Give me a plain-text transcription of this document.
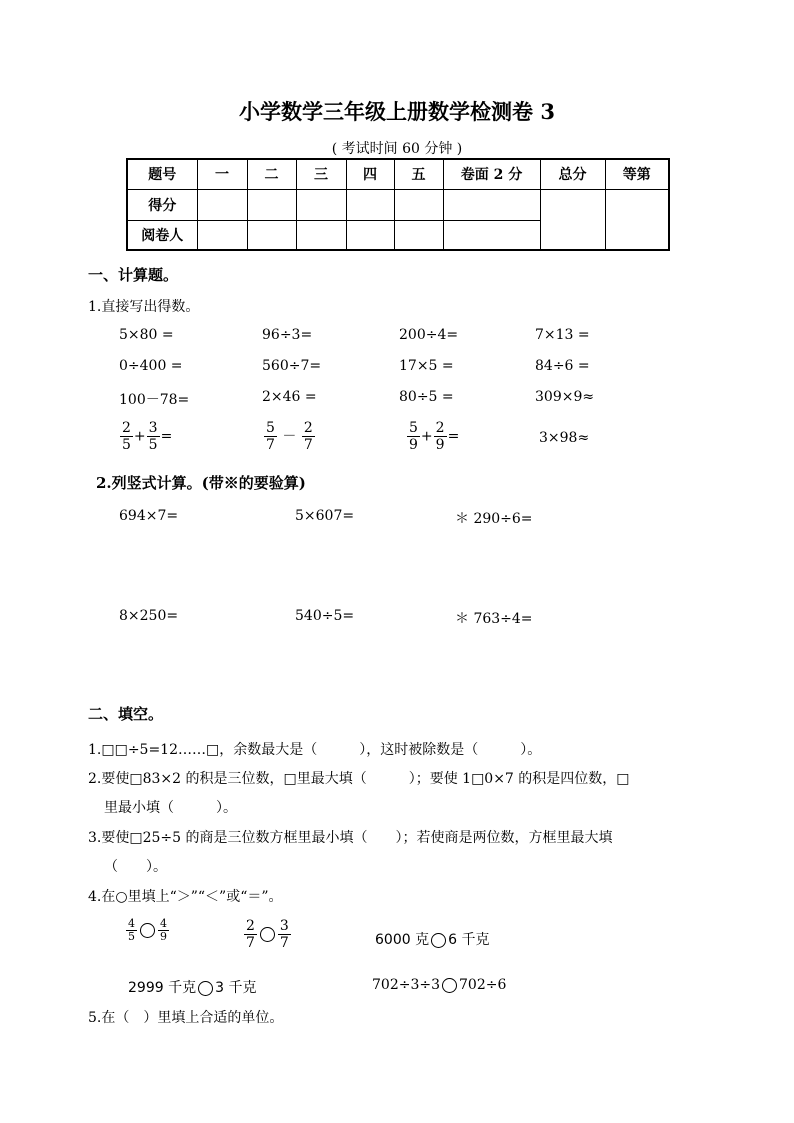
小学数学三年级上册数学检测卷 3
( 考试时间 60 分钟 )
题号	一	二	三	四	五	卷面 2 分	总分	等第
得分								
阅卷人								
一、计算题。
1.直接写出得数。
5×80 =	96÷3=	200÷4=	7×13 =
0÷400 =	560÷7=	17×5 =	84÷6 =
100－78=	2×46 =	80÷5 =	309×9≈
$\frac{2}{5} + \frac{3}{5}$ =	$\frac{5}{7} - \frac{2}{7}$	$\frac{5}{9} + \frac{2}{9}$ =	3×98≈
2.列竖式计算。(带※的要验算)
694×7=	5×607=	＊ 290÷6=
8×250=	540÷5=	＊ 763÷4=
二、填空。
1.□□÷5=12……□，余数最大是（　　　），这时被除数是（　　　）。
2.要使□83×2 的积是三位数，□里最大填（　　　）；要使 1□0×7 的积是四位数，□
里最小填（　　　）。
3.要使□25÷5 的商是三位数方框里最小填（　　）；若使商是两位数，方框里最大填
（　　）。
4.在○里填上“＞”“＜”或“＝”。
$\frac{4}{5} \frac{4}{9}$	$\frac{2}{7} \frac{3}{7}$	6000 克 6 千克
2999 千克 3 千克	702÷3÷3 702÷6
5.在（　）里填上合适的单位。
